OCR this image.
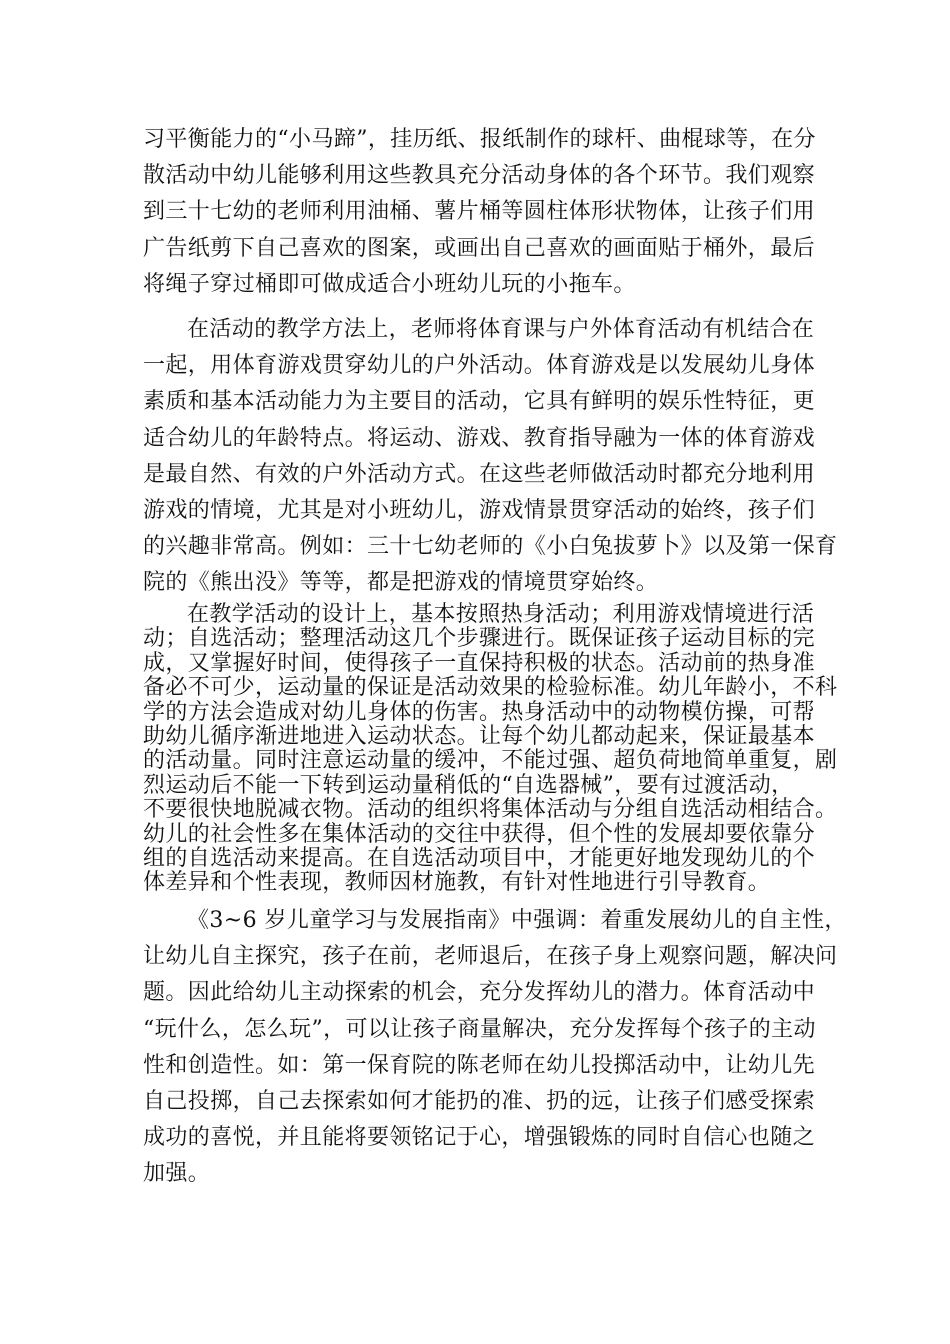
习平衡能力的“小马蹄”，挂历纸、报纸制作的球杆、曲棍球等，在分
散活动中幼儿能够利用这些教具充分活动身体的各个环节。我们观察
到三十七幼的老师利用油桶、薯片桶等圆柱体形状物体，让孩子们用
广告纸剪下自己喜欢的图案，或画出自己喜欢的画面贴于桶外，最后
将绳子穿过桶即可做成适合小班幼儿玩的小拖车。
在活动的教学方法上，老师将体育课与户外体育活动有机结合在
一起，用体育游戏贯穿幼儿的户外活动。体育游戏是以发展幼儿身体
素质和基本活动能力为主要目的活动，它具有鲜明的娱乐性特征，更
适合幼儿的年龄特点。将运动、游戏、教育指导融为一体的体育游戏
是最自然、有效的户外活动方式。在这些老师做活动时都充分地利用
游戏的情境，尤其是对小班幼儿，游戏情景贯穿活动的始终，孩子们
的兴趣非常高。例如：三十七幼老师的《小白兔拔萝卜》以及第一保育
院的《熊出没》等等，都是把游戏的情境贯穿始终。
在教学活动的设计上，基本按照热身活动；利用游戏情境进行活
动；自选活动；整理活动这几个步骤进行。既保证孩子运动目标的完
成，又掌握好时间，使得孩子一直保持积极的状态。活动前的热身准
备必不可少，运动量的保证是活动效果的检验标准。幼儿年龄小，不科
学的方法会造成对幼儿身体的伤害。热身活动中的动物模仿操，可帮
助幼儿循序渐进地进入运动状态。让每个幼儿都动起来，保证最基本
的活动量。同时注意运动量的缓冲，不能过强、超负荷地简单重复，剧
烈运动后不能一下转到运动量稍低的“自选器械”，要有过渡活动，
不要很快地脱减衣物。活动的组织将集体活动与分组自选活动相结合。
幼儿的社会性多在集体活动的交往中获得，但个性的发展却要依靠分
组的自选活动来提高。在自选活动项目中，才能更好地发现幼儿的个
体差异和个性表现，教师因材施教，有针对性地进行引导教育。
《3~6 岁儿童学习与发展指南》中强调：着重发展幼儿的自主性，
让幼儿自主探究，孩子在前，老师退后，在孩子身上观察问题，解决问
题。因此给幼儿主动探索的机会，充分发挥幼儿的潜力。体育活动中
“玩什么，怎么玩”，可以让孩子商量解决，充分发挥每个孩子的主动
性和创造性。如：第一保育院的陈老师在幼儿投掷活动中，让幼儿先
自己投掷，自己去探索如何才能扔的准、扔的远，让孩子们感受探索
成功的喜悦，并且能将要领铭记于心，增强锻炼的同时自信心也随之
加强。
